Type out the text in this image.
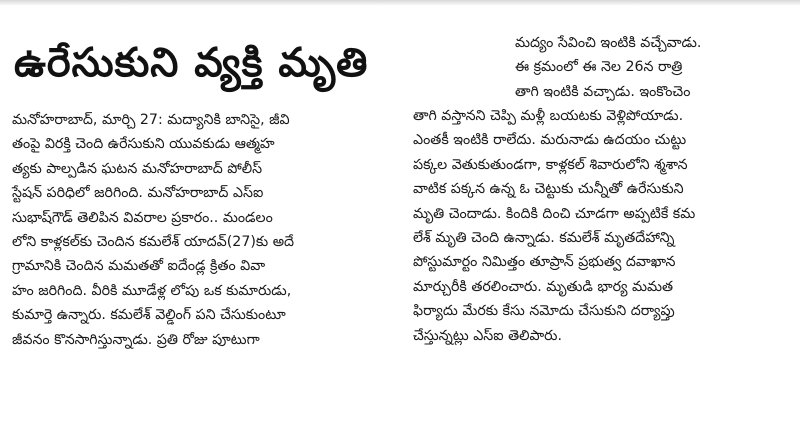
ఉరేసుకుని వ్యక్తి మృతి	మద్యం సేవించి ఇంటికి వచ్చేవాడు.
ఈ క్రమంలో ఈ నెల 26న రాత్రి
తాగి ఇంటికి వచ్చాడు. ఇంకొంచెం
మనోహరాబాద్, మార్చి 27: మద్యానికి బానిసై, జీవి
తంపై విరక్తి చెంది ఉరేసుకుని యువకుడు ఆత్మహ
త్యకు పాల్పడిన ఘటన మనోహరాబాద్ పోలీస్
స్టేషన్ పరిధిలో జరిగింది. మనోహరాబాద్ ఎస్ఐ
సుభాష్‌గౌడ్ తెలిపిన వివరాల ప్రకారం.. మండలం
లోని కాళ్లకల్‌కు చెందిన కమలేశ్ యాదవ్(27)కు అదే
గ్రామానికి చెందిన మమతతో ఐదేండ్ల క్రితం వివా
హం జరిగింది. వీరికి మూడేళ్ల లోపు ఒక కుమారుడు,
కుమార్తె ఉన్నారు. కమలేశ్ వెల్డింగ్ పని చేసుకుంటూ
జీవనం కొనసాగిస్తున్నాడు. ప్రతి రోజు పూటుగా
తాగి వస్తానని చెప్పి మళ్లీ బయటకు వెళ్లిపోయాడు.
ఎంతకీ ఇంటికి రాలేదు. మరునాడు ఉదయం చుట్టు
పక్కల వెతుకుతుండగా, కాళ్లకల్ శివారులోని శ్మశాన
వాటిక పక్కన ఉన్న ఓ చెట్టుకు చున్నీతో ఉరేసుకుని
మృతి చెందాడు. కిందికి దించి చూడగా అప్పటికే కమ
లేశ్ మృతి చెంది ఉన్నాడు. కమలేశ్ మృతదేహాన్ని
పోస్టుమార్టం నిమిత్తం తూప్రాన్ ప్రభుత్వ దవాఖాన
మార్చురీకి తరలించారు. మృతుడి భార్య మమత
ఫిర్యాదు మేరకు కేసు నమోదు చేసుకుని దర్యాప్తు
చేస్తున్నట్లు ఎస్ఐ తెలిపారు.
